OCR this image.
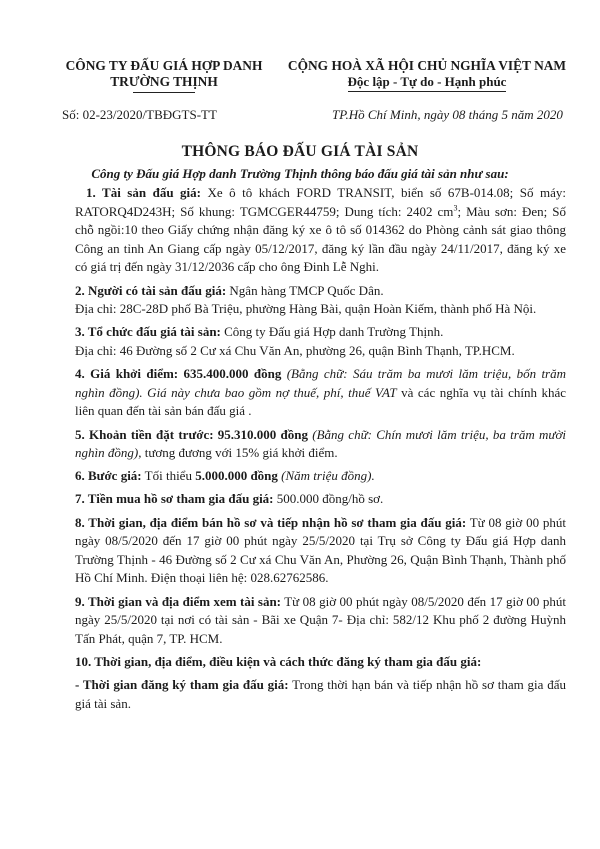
CÔNG TY ĐẤU GIÁ HỢP DANH
TRƯỜNG THỊNH
CỘNG HOÀ XÃ HỘI CHỦ NGHĨA VIỆT NAM
Độc lập - Tự do - Hạnh phúc
Số: 02-23/2020/TBĐGTS-TT	TP.Hồ Chí Minh, ngày 08 tháng 5 năm 2020
THÔNG BÁO ĐẤU GIÁ TÀI SẢN
Công ty Đấu giá Hợp danh Trường Thịnh thông báo đấu giá tài sản như sau:

1. Tài sản đấu giá: Xe ô tô khách FORD TRANSIT, biển số 67B-014.08; Số máy: RATORQ4D243H; Số khung: TGMCGER44759; Dung tích: 2402 $cm^3$; Màu sơn: Đen; Số chỗ ngồi:10 theo Giấy chứng nhận đăng ký xe ô tô số 014362 do Phòng cảnh sát giao thông Công an tỉnh An Giang cấp ngày 05/12/2017, đăng ký lần đầu ngày 24/11/2017, đăng ký xe có giá trị đến ngày 31/12/2036 cấp cho ông Đinh Lễ Nghi.

2. Người có tài sản đấu giá: Ngân hàng TMCP Quốc Dân.

Địa chỉ: 28C-28D phố Bà Triệu, phường Hàng Bài, quận Hoàn Kiếm, thành phố Hà Nội.

3. Tổ chức đấu giá tài sản: Công ty Đấu giá Hợp danh Trường Thịnh.

Địa chỉ: 46 Đường số 2 Cư xá Chu Văn An, phường 26, quận Bình Thạnh, TP.HCM.

4. Giá khởi điểm: 635.400.000 đồng (Bằng chữ: Sáu trăm ba mươi lăm triệu, bốn trăm nghìn đồng). Giá này chưa bao gồm nợ thuế, phí, thuế VAT và các nghĩa vụ tài chính khác liên quan đến tài sản bán đấu giá .

5. Khoản tiền đặt trước: 95.310.000 đồng (Bằng chữ: Chín mươi lăm triệu, ba trăm mười nghìn đồng), tương đương với 15% giá khởi điểm.

6. Bước giá: Tối thiểu 5.000.000 đồng (Năm triệu đồng).

7. Tiền mua hồ sơ tham gia đấu giá: 500.000 đồng/hồ sơ.

8. Thời gian, địa điểm bán hồ sơ và tiếp nhận hồ sơ tham gia đấu giá: Từ 08 giờ 00 phút ngày 08/5/2020 đến 17 giờ 00 phút ngày 25/5/2020 tại Trụ sở Công ty Đấu giá Hợp danh Trường Thịnh - 46 Đường số 2 Cư xá Chu Văn An, Phường 26, Quận Bình Thạnh, Thành phố Hồ Chí Minh. Điện thoại liên hệ: 028.62762586.

9. Thời gian và địa điểm xem tài sản: Từ 08 giờ 00 phút ngày 08/5/2020 đến 17 giờ 00 phút ngày 25/5/2020 tại nơi có tài sản - Bãi xe Quận 7- Địa chỉ: 582/12 Khu phố 2 đường Huỳnh Tấn Phát, quận 7, TP. HCM.

10. Thời gian, địa điểm, điều kiện và cách thức đăng ký tham gia đấu giá:

- Thời gian đăng ký tham gia đấu giá: Trong thời hạn bán và tiếp nhận hồ sơ tham gia đấu giá tài sản.
